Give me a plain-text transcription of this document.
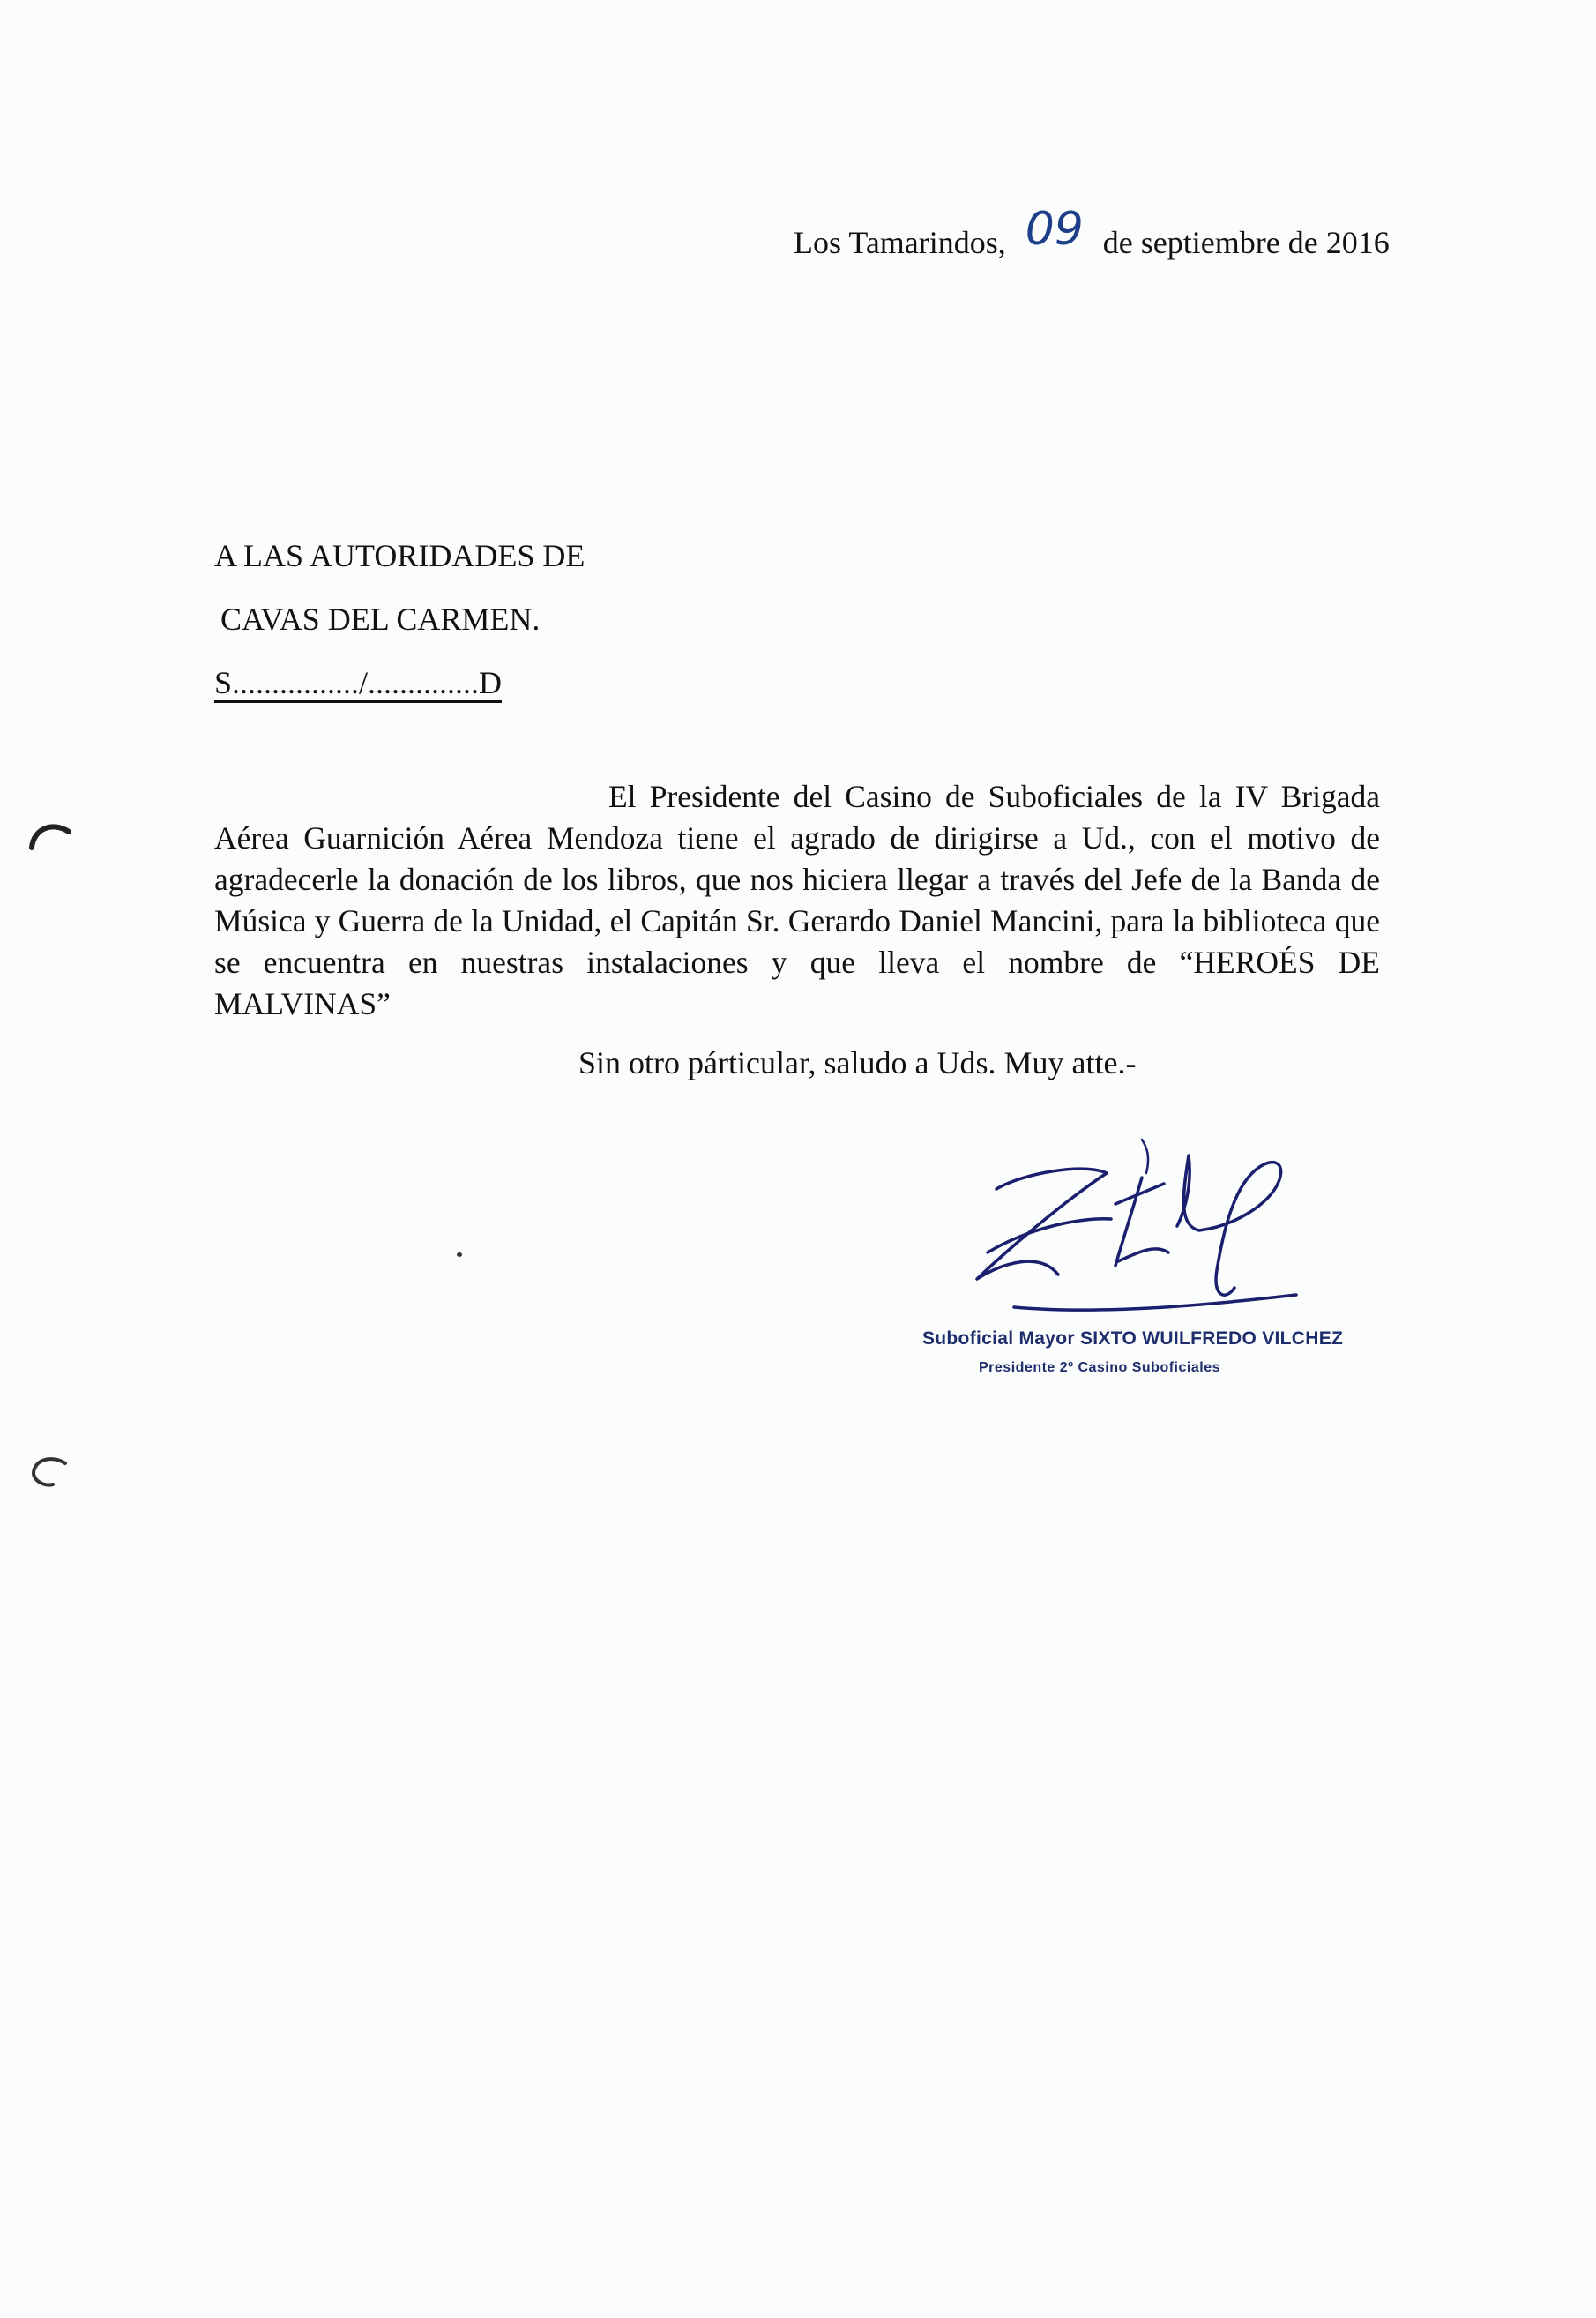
Los Tamarindos, 09 de septiembre de 2016
A LAS AUTORIDADES DE
CAVAS DEL CARMEN.
S................/..............D
El Presidente del Casino de Suboficiales de la IV Brigada Aérea Guarnición Aérea Mendoza tiene el agrado de dirigirse a Ud., con el motivo de agradecerle la donación de los libros, que nos hiciera llegar a través del Jefe de la Banda de Música y Guerra de la Unidad, el Capitán Sr. Gerardo Daniel Mancini, para la biblioteca que se encuentra en nuestras instalaciones y que lleva el nombre de “HEROÉS DE MALVINAS”
Sin otro párticular, saludo a Uds. Muy atte.-
Suboficial Mayor SIXTO WUILFREDO VILCHEZ
Presidente 2º Casino Suboficiales
